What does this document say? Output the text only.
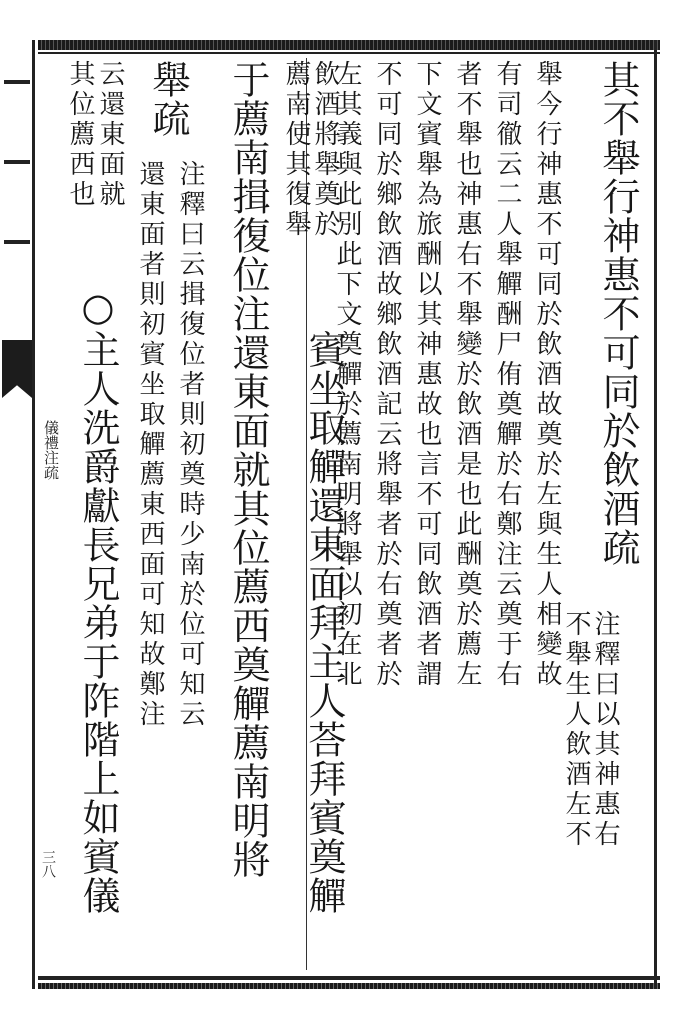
儀禮注疏
三八
其不舉行神惠不可同於飲酒疏
注釋曰以其神惠右
不舉生人飲酒左不
舉今行神惠不可同於飲酒故奠於左與生人相變故
有司徹云二人舉觶酬尸侑奠觶於右鄭注云奠于右
者不舉也神惠右不舉變於飲酒是也此酬奠於薦左
下文賓舉為旅酬以其神惠故也言不可同飲酒者謂
不可同於鄉飲酒故鄉飲酒記云將舉者於右奠者於
左其義與此別此下文奠觶於薦南明將舉以初在北
飲酒將舉奠於
薦南使其復舉
賓坐取觶還東面拜主人荅拜賓奠觶
于薦南揖復位注還東面就其位薦西奠觶薦南明將
舉疏
注釋曰云揖復位者則初奠時少南於位可知云
還東面者則初賓坐取觶薦東西面可知故鄭注
云還東面就
其位薦西也
○主人洗爵獻長兄弟于阼階上如賓儀
